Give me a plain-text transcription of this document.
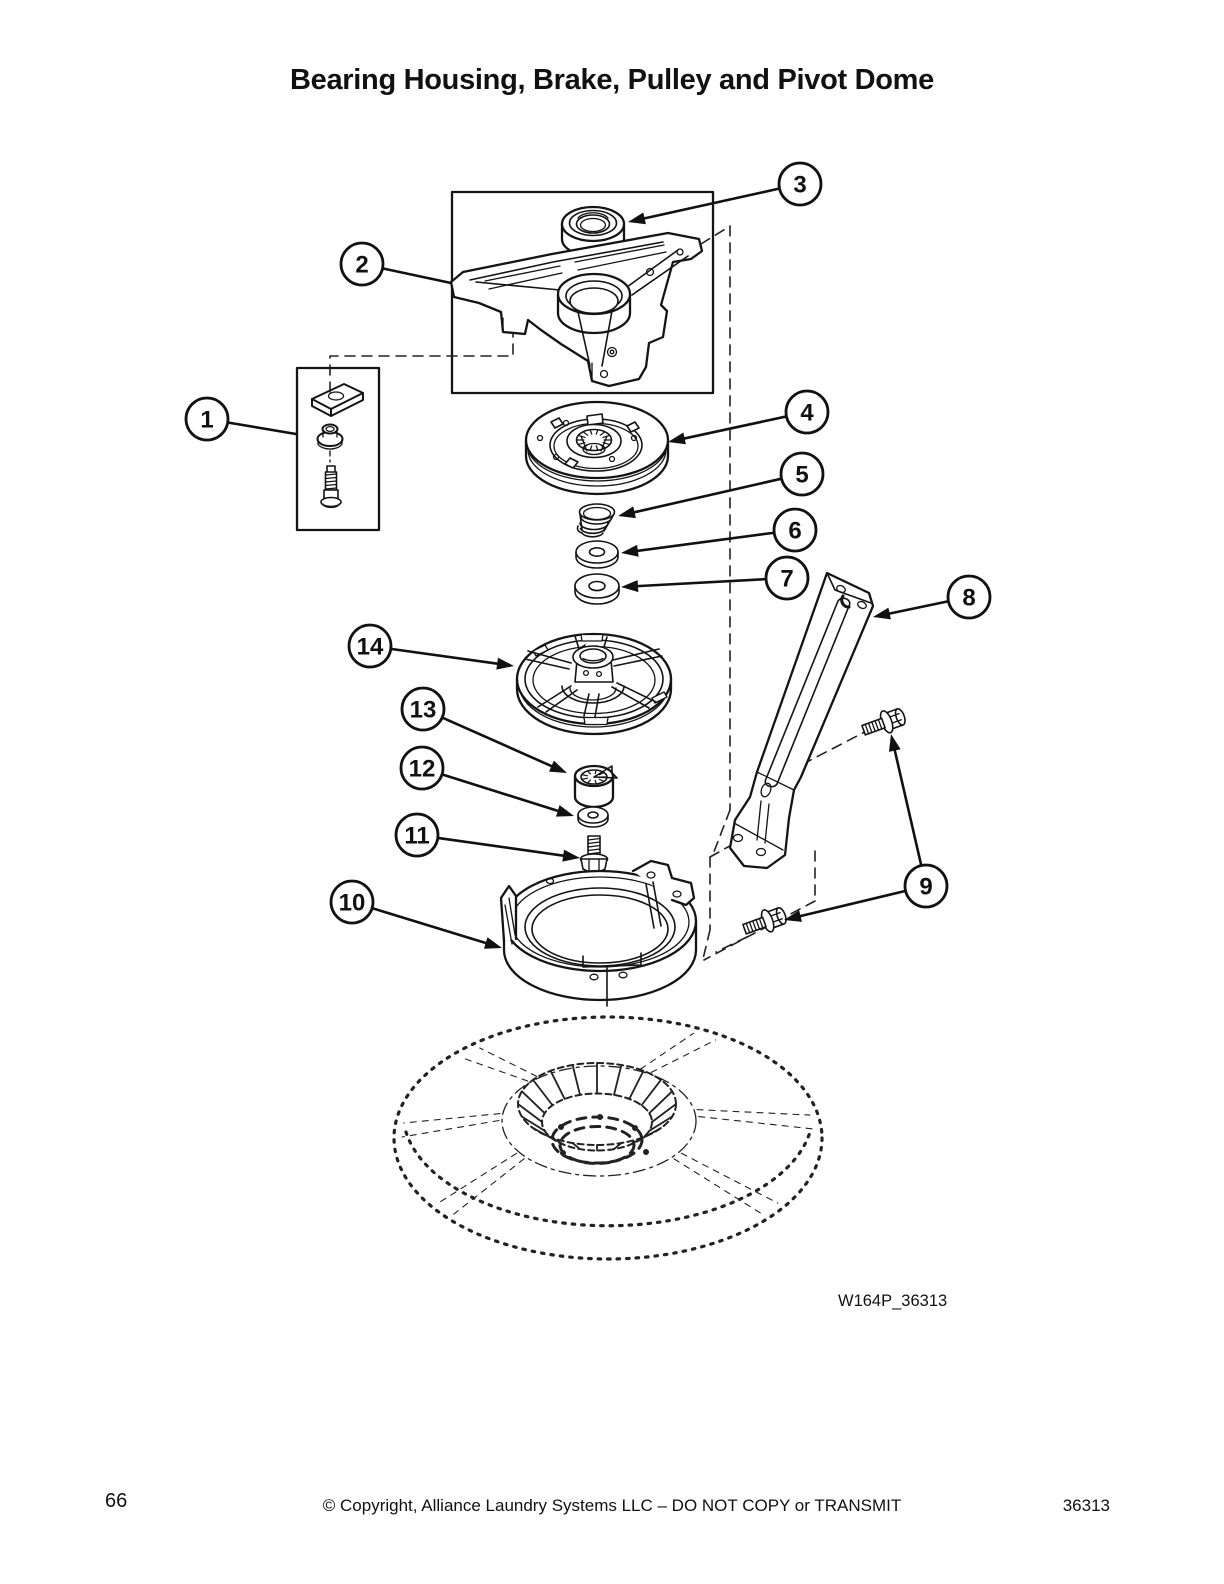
Bearing Housing, Brake, Pulley and Pivot Dome
1
2
3
4
5
6
7
8
9
10
11
12
13
14
W164P_36313
66	© Copyright, Alliance Laundry Systems LLC – DO NOT COPY or TRANSMIT	36313
